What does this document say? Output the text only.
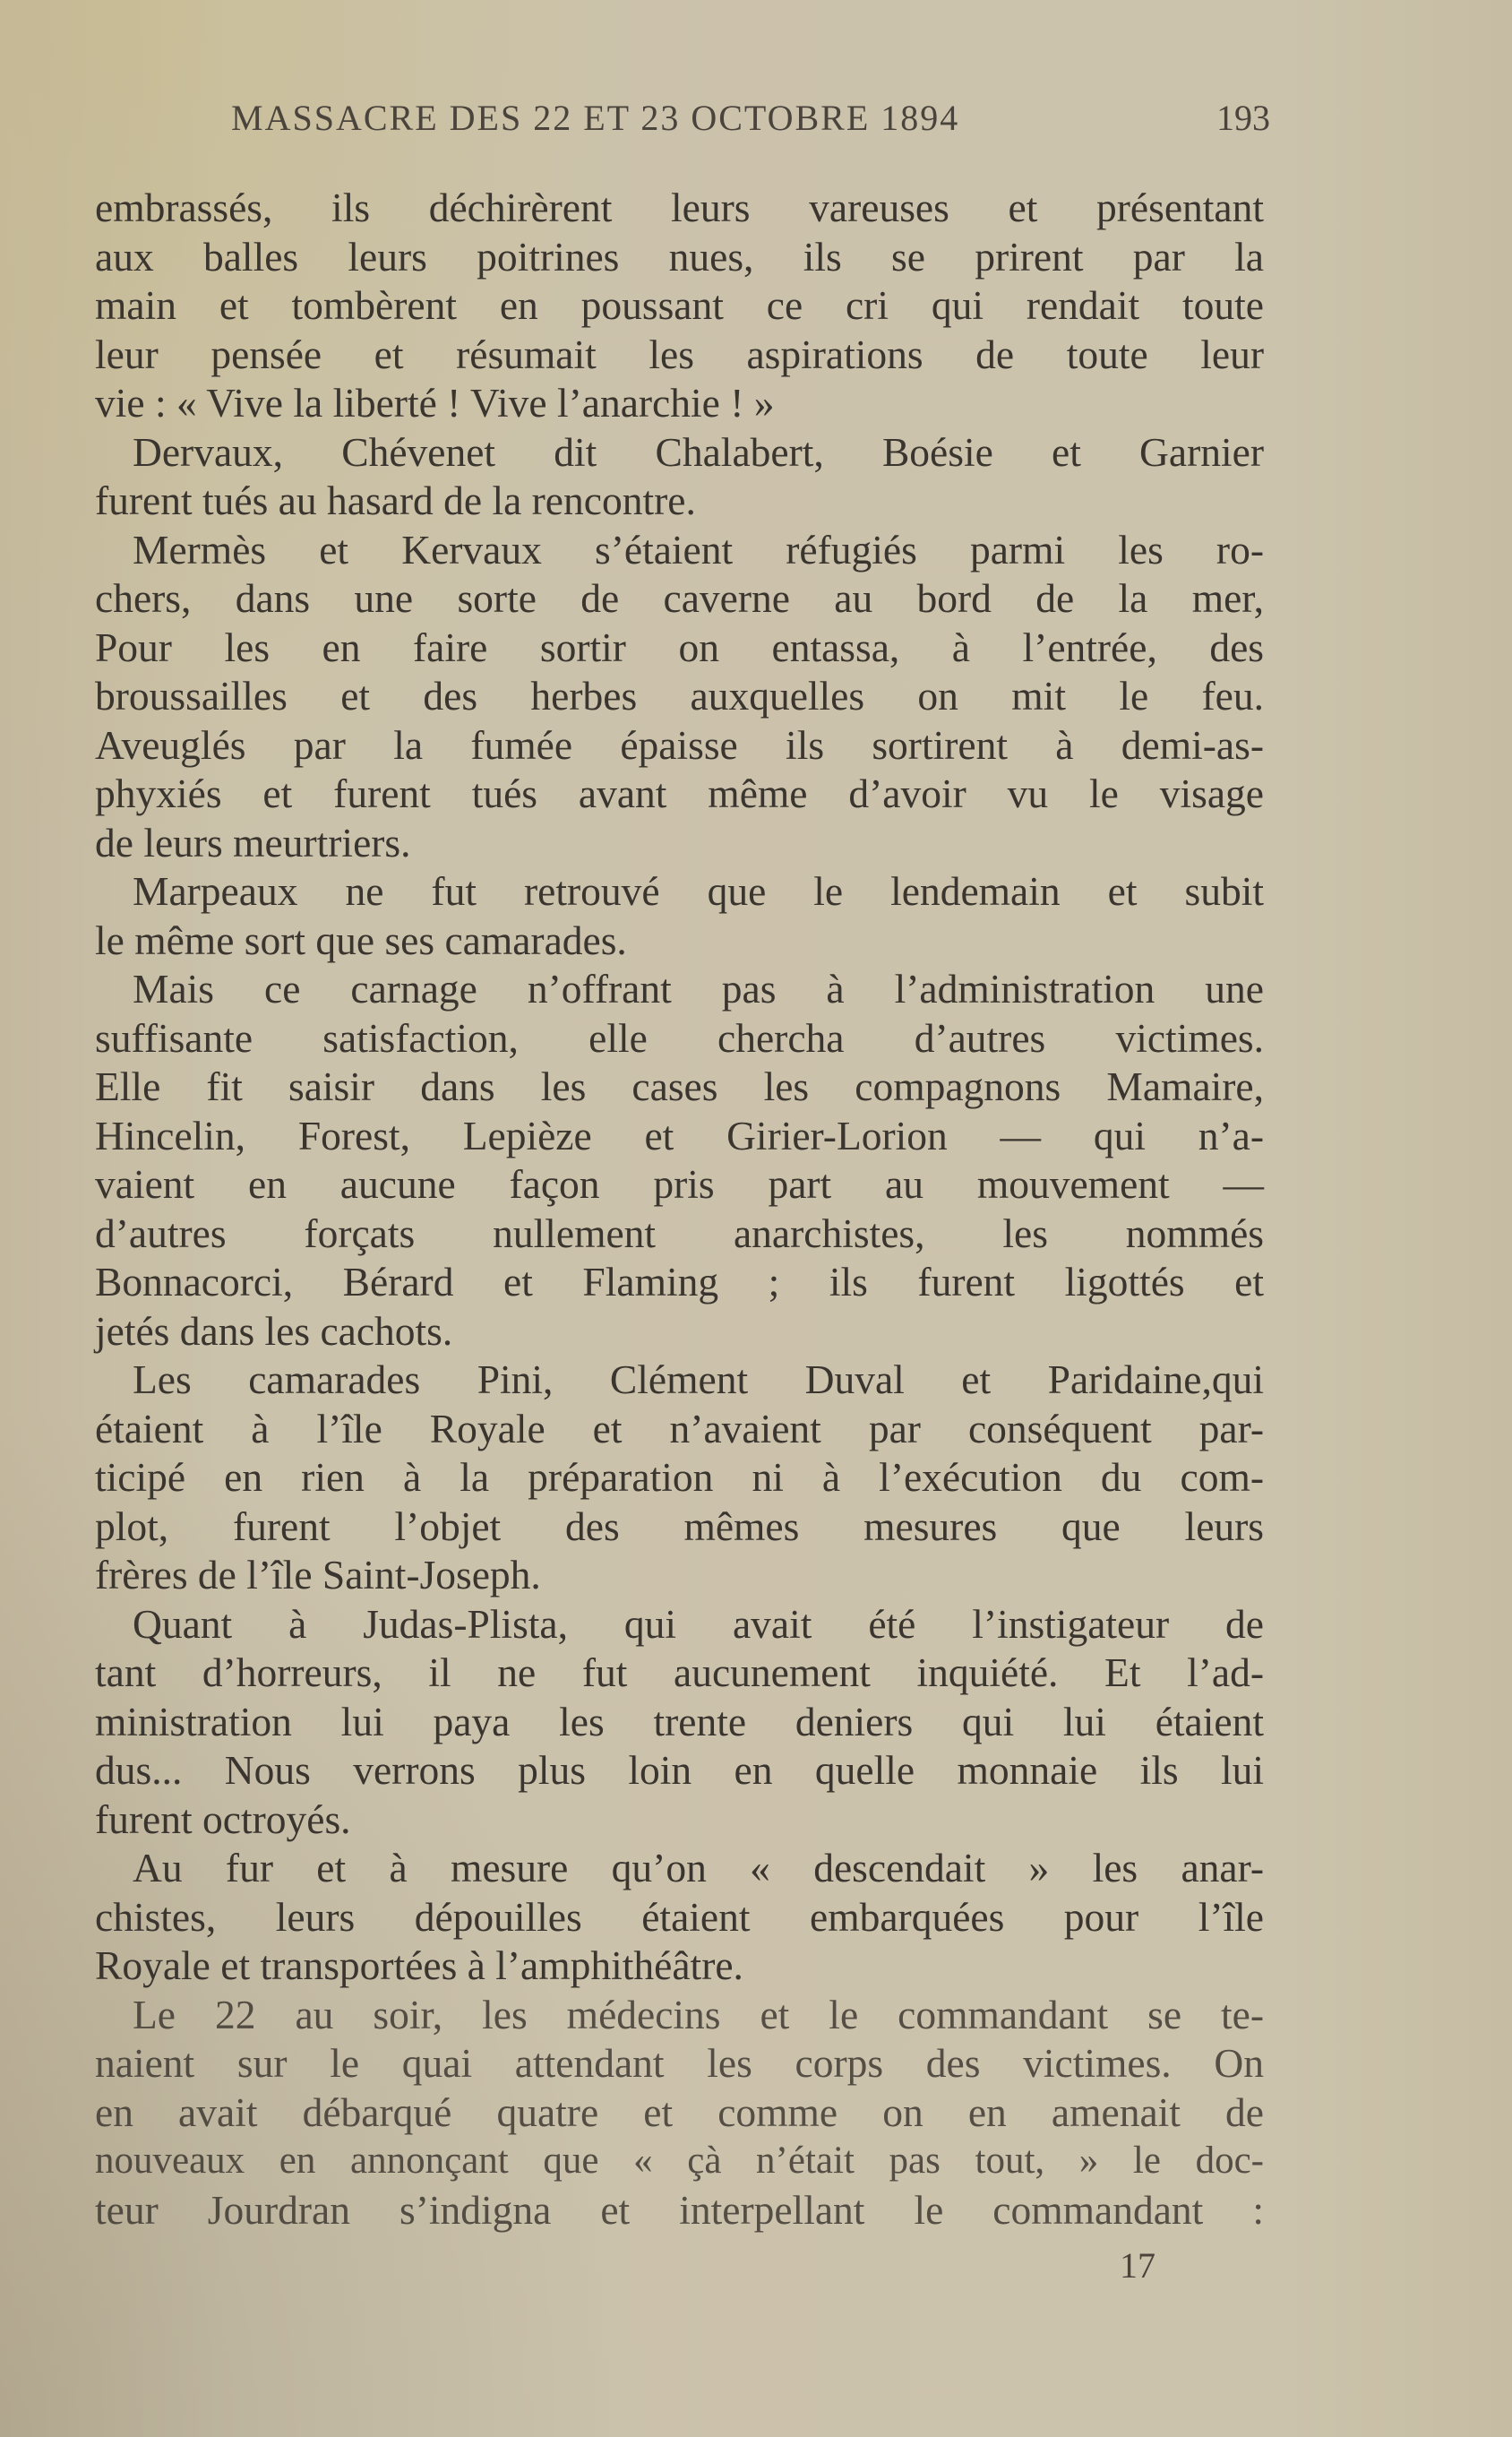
MASSACRE DES 22 ET 23 OCTOBRE 1894	193
embrassés, ils déchirèrent leurs vareuses et présentant
aux balles leurs poitrines nues, ils se prirent par la
main et tombèrent en poussant ce cri qui rendait toute
leur pensée et résumait les aspirations de toute leur
vie : « Vive la liberté ! Vive l’anarchie ! »
Dervaux, Chévenet dit Chalabert, Boésie et Garnier
furent tués au hasard de la rencontre.
Mermès et Kervaux s’étaient réfugiés parmi les ro-
chers, dans une sorte de caverne au bord de la mer,
Pour les en faire sortir on entassa, à l’entrée, des
broussailles et des herbes auxquelles on mit le feu.
Aveuglés par la fumée épaisse ils sortirent à demi-as-
phyxiés et furent tués avant même d’avoir vu le visage
de leurs meurtriers.
Marpeaux ne fut retrouvé que le lendemain et subit
le même sort que ses camarades.
Mais ce carnage n’offrant pas à l’administration une
suffisante satisfaction, elle chercha d’autres victimes.
Elle fit saisir dans les cases les compagnons Mamaire,
Hincelin, Forest, Lepièze et Girier-Lorion — qui n’a-
vaient en aucune façon pris part au mouvement —
d’autres forçats nullement anarchistes, les nommés
Bonnacorci, Bérard et Flaming ; ils furent ligottés et
jetés dans les cachots.
Les camarades Pini, Clément Duval et Paridaine,qui
étaient à l’île Royale et n’avaient par conséquent par-
ticipé en rien à la préparation ni à l’exécution du com-
plot, furent l’objet des mêmes mesures que leurs
frères de l’île Saint-Joseph.
Quant à Judas-Plista, qui avait été l’instigateur de
tant d’horreurs, il ne fut aucunement inquiété. Et l’ad-
ministration lui paya les trente deniers qui lui étaient
dus... Nous verrons plus loin en quelle monnaie ils lui
furent octroyés.
Au fur et à mesure qu’on « descendait » les anar-
chistes, leurs dépouilles étaient embarquées pour l’île
Royale et transportées à l’amphithéâtre.
Le 22 au soir, les médecins et le commandant se te-
naient sur le quai attendant les corps des victimes. On
en avait débarqué quatre et comme on en amenait de
nouveaux en annonçant que « çà n’était pas tout, » le doc-
teur Jourdran s’indigna et interpellant le commandant :
17
